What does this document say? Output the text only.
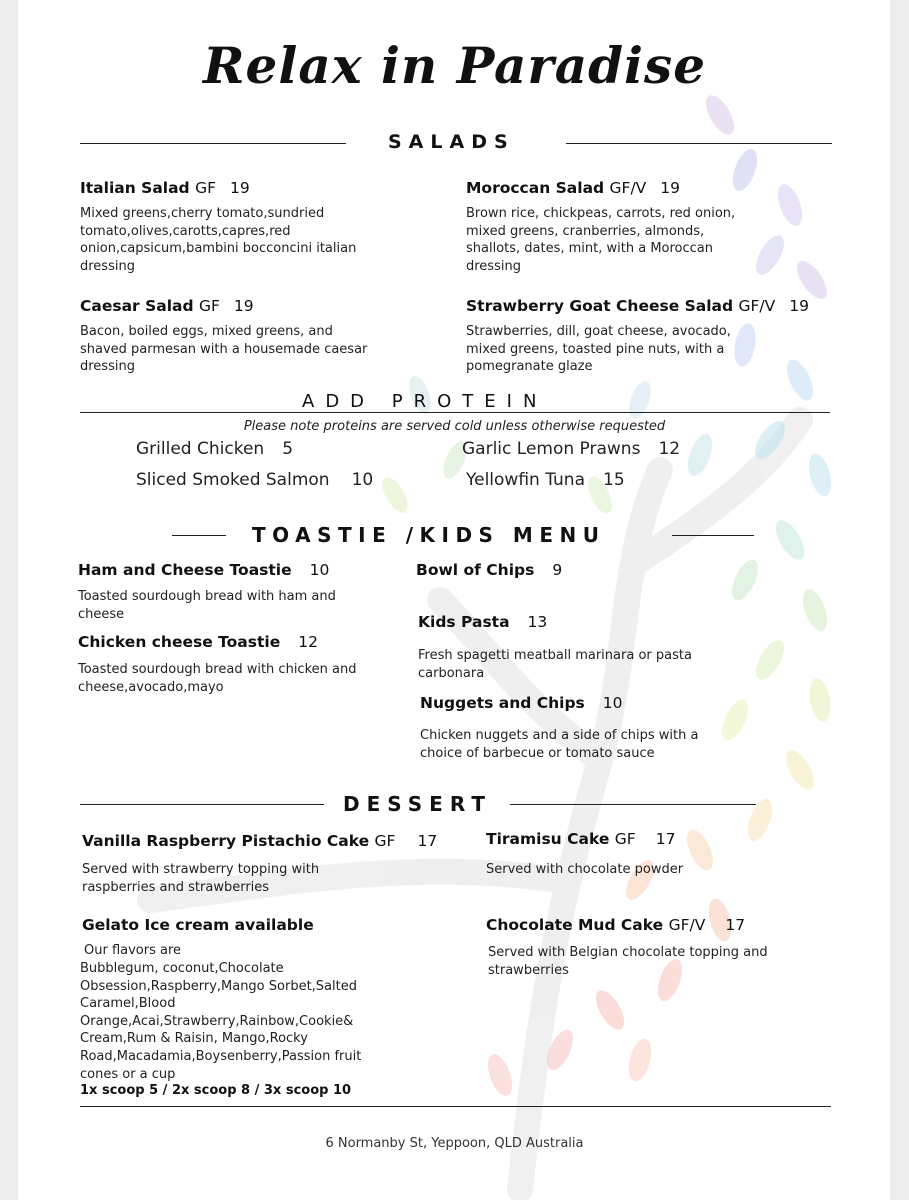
Relax in Paradise
SALADS
Italian Salad GF 19
Mixed greens,cherry tomato,sundried tomato,olives,carotts,capres,red onion,capsicum,bambini bocconcini italian dressing
Moroccan Salad GF/V 19
Brown rice, chickpeas, carrots, red onion, mixed greens, cranberries, almonds, shallots, dates, mint, with a Moroccan dressing
Caesar Salad GF 19
Bacon, boiled eggs, mixed greens, and shaved parmesan with a housemade caesar dressing
Strawberry Goat Cheese Salad GF/V 19
Strawberries, dill, goat cheese, avocado, mixed greens, toasted pine nuts, with a pomegranate glaze
ADD PROTEIN
Please note proteins are served cold unless otherwise requested
Grilled Chicken 5	Garlic Lemon Prawns 12
Sliced Smoked Salmon 10	Yellowfin Tuna 15
TOASTIE /KIDS MENU
Ham and Cheese Toastie 10
Toasted sourdough bread with ham and cheese
Chicken cheese Toastie 12
Toasted sourdough bread with chicken and cheese,avocado,mayo
Bowl of Chips 9
Kids Pasta 13
Fresh spagetti meatball marinara or pasta carbonara
Nuggets and Chips 10
Chicken nuggets and a side of chips with a choice of barbecue or tomato sauce
DESSERT
Vanilla Raspberry Pistachio Cake GF 17
Served with strawberry topping with raspberries and strawberries
Tiramisu Cake GF 17
Served with chocolate powder
Gelato Ice cream available
Our flavors are
Bubblegum, coconut,Chocolate Obsession,Raspberry,Mango Sorbet,Salted Caramel,Blood Orange,Acai,Strawberry,Rainbow,Cookie& Cream,Rum & Raisin, Mango,Rocky Road,Macadamia,Boysenberry,Passion fruit cones or a cup
1x scoop 5 / 2x scoop 8 / 3x scoop 10
Chocolate Mud Cake GF/V 17
Served with Belgian chocolate topping and strawberries
6 Normanby St, Yeppoon, QLD Australia
